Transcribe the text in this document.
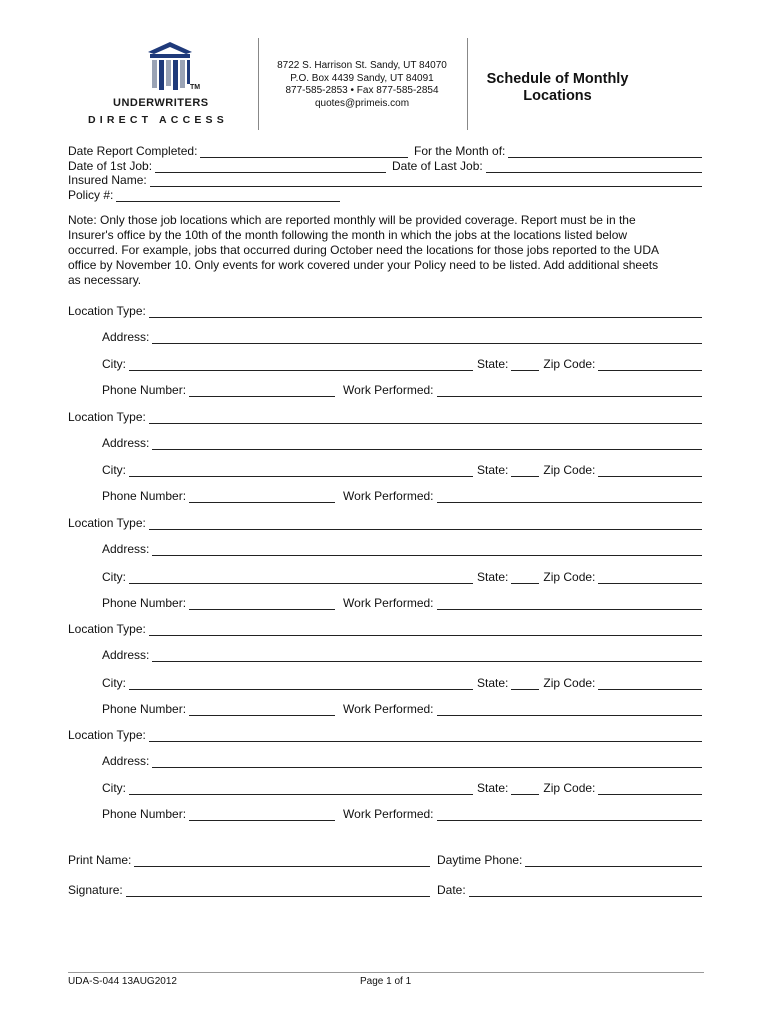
TM
UNDERWRITERS
DIRECT ACCESS
8722 S. Harrison St. Sandy, UT 84070
P.O. Box 4439 Sandy, UT 84091
877-585-2853 • Fax 877-585-2854
quotes@primeis.com
Schedule of Monthly
Locations
Date Report Completed:	For the Month of:
Date of 1st Job:	Date of Last Job:
Insured Name:
Policy #:
Note: Only those job locations which are reported monthly will be provided coverage. Report must be in the
Insurer's office by the 10th of the month following the month in which the jobs at the locations listed below
occurred. For example, jobs that occurred during October need the locations for those jobs reported to the UDA
office by November 10. Only events for work covered under your Policy need to be listed. Add additional sheets
as necessary.
Location Type:
Address:
City:	State:	Zip Code:
Phone Number:	Work Performed:
Location Type:
Address:
City:	State:	Zip Code:
Phone Number:	Work Performed:
Location Type:
Address:
City:	State:	Zip Code:
Phone Number:	Work Performed:
Location Type:
Address:
City:	State:	Zip Code:
Phone Number:	Work Performed:
Location Type:
Address:
City:	State:	Zip Code:
Phone Number:	Work Performed:
Print Name:	Daytime Phone:
Signature:	Date:
UDA-S-044 13AUG2012	Page 1 of 1
